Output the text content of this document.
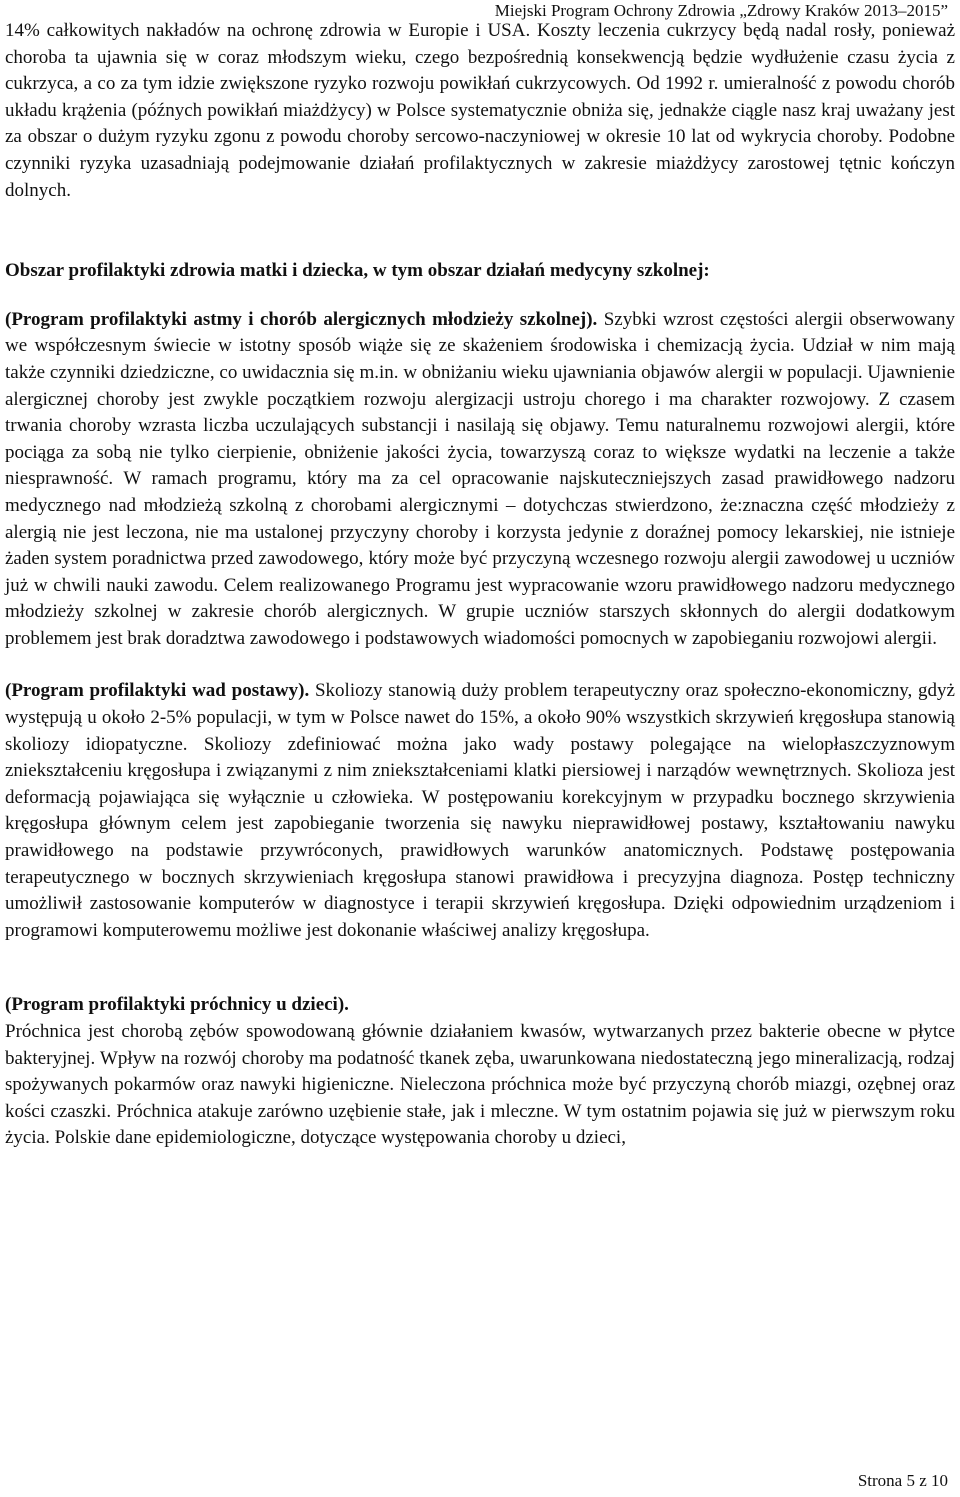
Miejski Program Ochrony Zdrowia „Zdrowy Kraków 2013–2015”

14% całkowitych nakładów na ochronę zdrowia w Europie i USA. Koszty leczenia cukrzycy będą nadal rosły, ponieważ choroba ta ujawnia się w coraz młodszym wieku, czego bezpośrednią konsekwencją będzie wydłużenie czasu życia z cukrzyca, a co za tym idzie zwiększone ryzyko rozwoju powikłań cukrzycowych. Od 1992 r. umieralność z powodu chorób układu krążenia (późnych powikłań miażdżycy) w Polsce systematycznie obniża się, jednakże ciągle nasz kraj uważany jest za obszar o dużym ryzyku zgonu z powodu choroby sercowo-naczyniowej w okresie 10 lat od wykrycia choroby. Podobne czynniki ryzyka uzasadniają podejmowanie działań profilaktycznych w zakresie miażdżycy zarostowej tętnic kończyn dolnych.

Obszar profilaktyki zdrowia matki i dziecka, w tym obszar działań medycyny szkolnej:

(Program profilaktyki astmy i chorób alergicznych młodzieży szkolnej). Szybki wzrost częstości alergii obserwowany we współczesnym świecie w istotny sposób wiąże się ze skażeniem środowiska i chemizacją życia. Udział w nim mają także czynniki dziedziczne, co uwidacznia się m.in. w obniżaniu wieku ujawniania objawów alergii w populacji. Ujawnienie alergicznej choroby jest zwykle początkiem rozwoju alergizacji ustroju chorego i ma charakter rozwojowy. Z czasem trwania choroby wzrasta liczba uczulających substancji i nasilają się objawy. Temu naturalnemu rozwojowi alergii, które pociąga za sobą nie tylko cierpienie, obniżenie jakości życia, towarzyszą coraz to większe wydatki na leczenie a także niesprawność. W ramach programu, który ma za cel opracowanie najskuteczniejszych zasad prawidłowego nadzoru medycznego nad młodzieżą szkolną z chorobami alergicznymi – dotychczas stwierdzono, że:znaczna część młodzieży z alergią nie jest leczona, nie ma ustalonej przyczyny choroby i korzysta jedynie z doraźnej pomocy lekarskiej, nie istnieje żaden system poradnictwa przed zawodowego, który może być przyczyną wczesnego rozwoju alergii zawodowej u uczniów już w chwili nauki zawodu. Celem realizowanego Programu jest wypracowanie wzoru prawidłowego nadzoru medycznego młodzieży szkolnej w zakresie chorób alergicznych. W grupie uczniów starszych skłonnych do alergii dodatkowym problemem jest brak doradztwa zawodowego i podstawowych wiadomości pomocnych w zapobieganiu rozwojowi alergii.

(Program profilaktyki wad postawy). Skoliozy stanowią duży problem terapeutyczny oraz społeczno-ekonomiczny, gdyż występują u około 2-5% populacji, w tym w Polsce nawet do 15%, a około 90% wszystkich skrzywień kręgosłupa stanowią skoliozy idiopatyczne. Skoliozy zdefiniować można jako wady postawy polegające na wielopłaszczyznowym zniekształceniu kręgosłupa i związanymi z nim zniekształceniami klatki piersiowej i narządów wewnętrznych. Skolioza jest deformacją pojawiająca się wyłącznie u człowieka. W postępowaniu korekcyjnym w przypadku bocznego skrzywienia kręgosłupa głównym celem jest zapobieganie tworzenia się nawyku nieprawidłowej postawy, kształtowaniu nawyku prawidłowego na podstawie przywróconych, prawidłowych warunków anatomicznych. Podstawę postępowania terapeutycznego w bocznych skrzywieniach kręgosłupa stanowi prawidłowa i precyzyjna diagnoza. Postęp techniczny umożliwił zastosowanie komputerów w diagnostyce i terapii skrzywień kręgosłupa. Dzięki odpowiednim urządzeniom i programowi komputerowemu możliwe jest dokonanie właściwej analizy kręgosłupa.

(Program profilaktyki próchnicy u dzieci).

Próchnica jest chorobą zębów spowodowaną głównie działaniem kwasów, wytwarzanych przez bakterie obecne w płytce bakteryjnej. Wpływ na rozwój choroby ma podatność tkanek zęba, uwarunkowana niedostateczną jego mineralizacją, rodzaj spożywanych pokarmów oraz nawyki higieniczne. Nieleczona próchnica może być przyczyną chorób miazgi, ozębnej oraz kości czaszki. Próchnica atakuje zarówno uzębienie stałe, jak i mleczne. W tym ostatnim pojawia się już w pierwszym roku życia. Polskie dane epidemiologiczne, dotyczące występowania choroby u dzieci,

Strona 5 z 10
